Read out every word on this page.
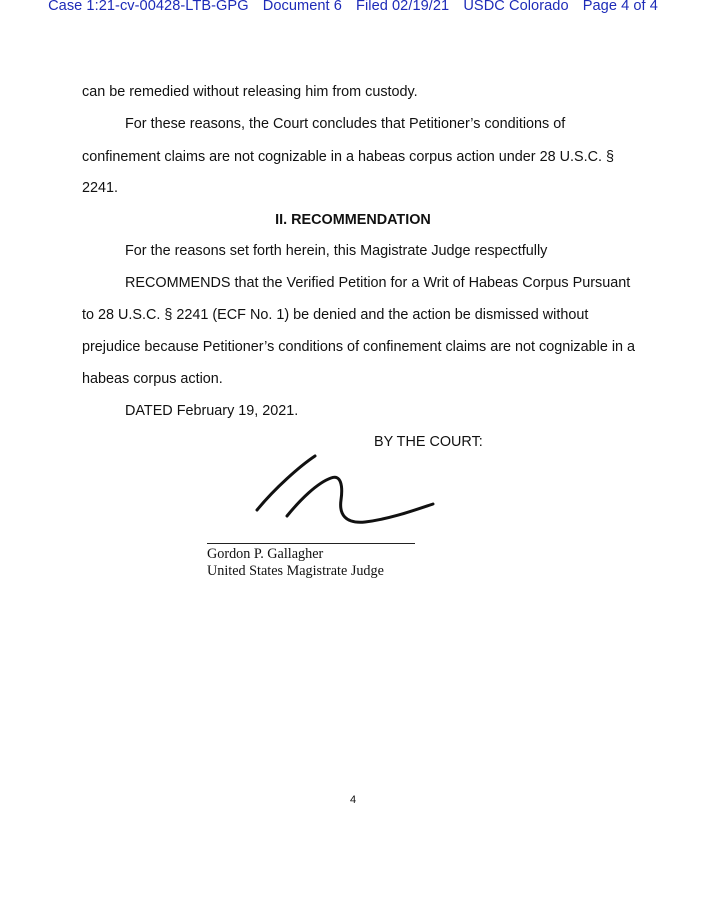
Case 1:21-cv-00428-LTB-GPG Document 6 Filed 02/19/21 USDC Colorado Page 4 of 4
can be remedied without releasing him from custody.
For these reasons, the Court concludes that Petitioner’s conditions of
confinement claims are not cognizable in a habeas corpus action under 28 U.S.C. §
2241.
II. RECOMMENDATION
For the reasons set forth herein, this Magistrate Judge respectfully
RECOMMENDS that the Verified Petition for a Writ of Habeas Corpus Pursuant
to 28 U.S.C. § 2241 (ECF No. 1) be denied and the action be dismissed without
prejudice because Petitioner’s conditions of confinement claims are not cognizable in a
habeas corpus action.
DATED February 19, 2021.
BY THE COURT:
Gordon P. Gallagher
United States Magistrate Judge
4
